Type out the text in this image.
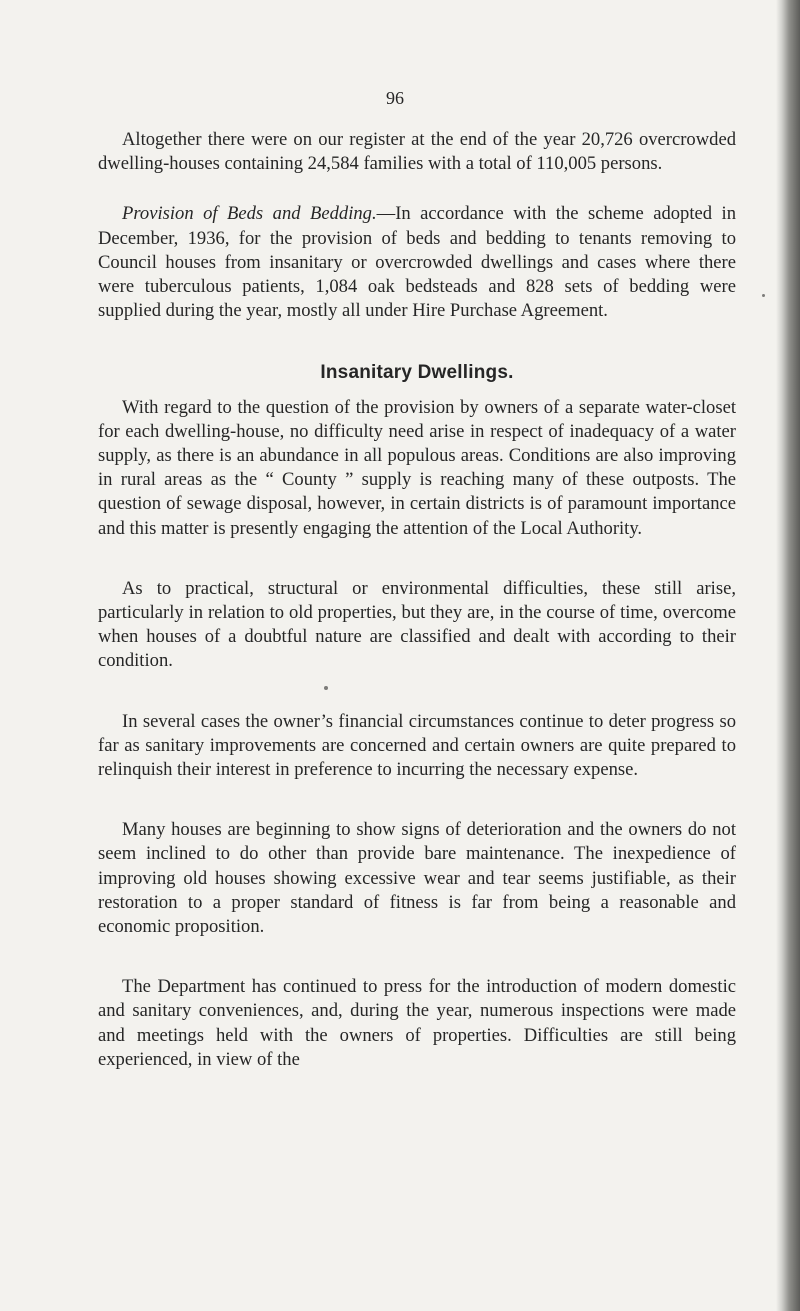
96

Altogether there were on our register at the end of the year 20,726 overcrowded dwelling-houses containing 24,584 families with a total of 110,005 persons.

Provision of Beds and Bedding.—In accordance with the scheme adopted in December, 1936, for the provision of beds and bedding to tenants removing to Council houses from insanitary or overcrowded dwellings and cases where there were tuberculous patients, 1,084 oak bedsteads and 828 sets of bedding were supplied during the year, mostly all under Hire Purchase Agreement.

Insanitary Dwellings.

With regard to the question of the provision by owners of a separate water-closet for each dwelling-house, no difficulty need arise in respect of inadequacy of a water supply, as there is an abundance in all populous areas. Conditions are also improving in rural areas as the “ County ” supply is reaching many of these outposts. The question of sewage disposal, however, in certain districts is of paramount importance and this matter is presently engaging the attention of the Local Authority.

As to practical, structural or environmental difficulties, these still arise, particularly in relation to old properties, but they are, in the course of time, overcome when houses of a doubtful nature are classified and dealt with according to their condition.

In several cases the owner’s financial circumstances continue to deter progress so far as sanitary improvements are concerned and certain owners are quite prepared to relinquish their interest in preference to incurring the necessary expense.

Many houses are beginning to show signs of deterioration and the owners do not seem inclined to do other than provide bare maintenance. The inexpedience of improving old houses showing excessive wear and tear seems justifiable, as their restoration to a proper standard of fitness is far from being a reasonable and economic proposition.

The Department has continued to press for the introduction of modern domestic and sanitary conveniences, and, during the year, numerous inspections were made and meetings held with the owners of properties. Difficulties are still being experienced, in view of the
